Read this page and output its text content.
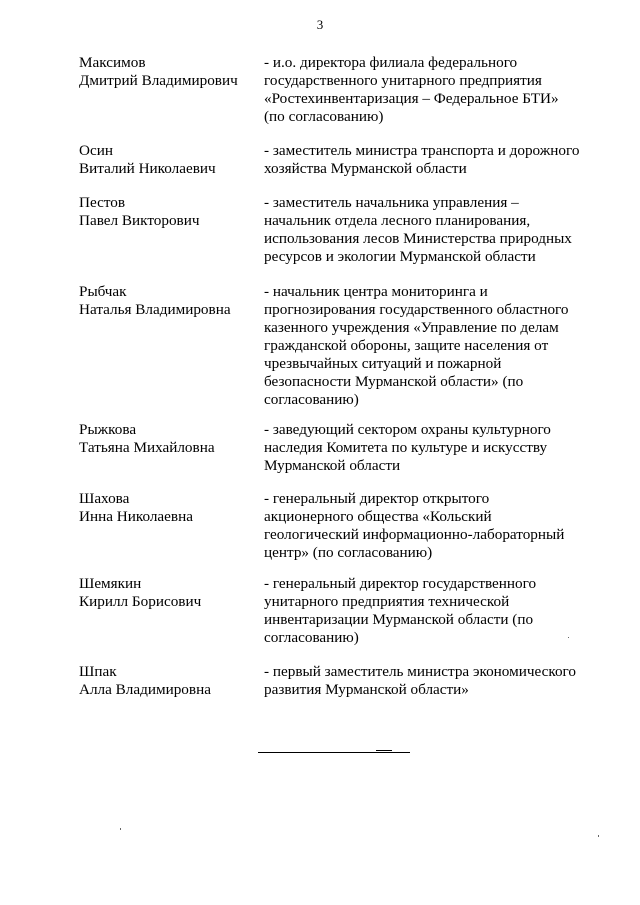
3
Максимов
Дмитрий Владимирович
- и.о. директора филиала федерального
государственного унитарного предприятия
«Ростехинвентаризация – Федеральное БТИ»
(по согласованию)
Осин
Виталий Николаевич
- заместитель министра транспорта и дорожного
хозяйства Мурманской области
Пестов
Павел Викторович
- заместитель начальника управления –
начальник отдела лесного планирования,
использования лесов Министерства природных
ресурсов и экологии Мурманской области
Рыбчак
Наталья Владимировна
- начальник центра мониторинга и
прогнозирования государственного областного
казенного учреждения «Управление по делам
гражданской обороны, защите населения от
чрезвычайных ситуаций и пожарной
безопасности Мурманской области» (по
согласованию)
Рыжкова
Татьяна Михайловна
- заведующий сектором охраны культурного
наследия Комитета по культуре и искусству
Мурманской области
Шахова
Инна Николаевна
- генеральный директор открытого
акционерного общества «Кольский
геологический информационно-лабораторный
центр» (по согласованию)
Шемякин
Кирилл Борисович
- генеральный директор государственного
унитарного предприятия технической
инвентаризации Мурманской области (по
согласованию)
Шпак
Алла Владимировна
- первый заместитель министра экономического
развития Мурманской области»
